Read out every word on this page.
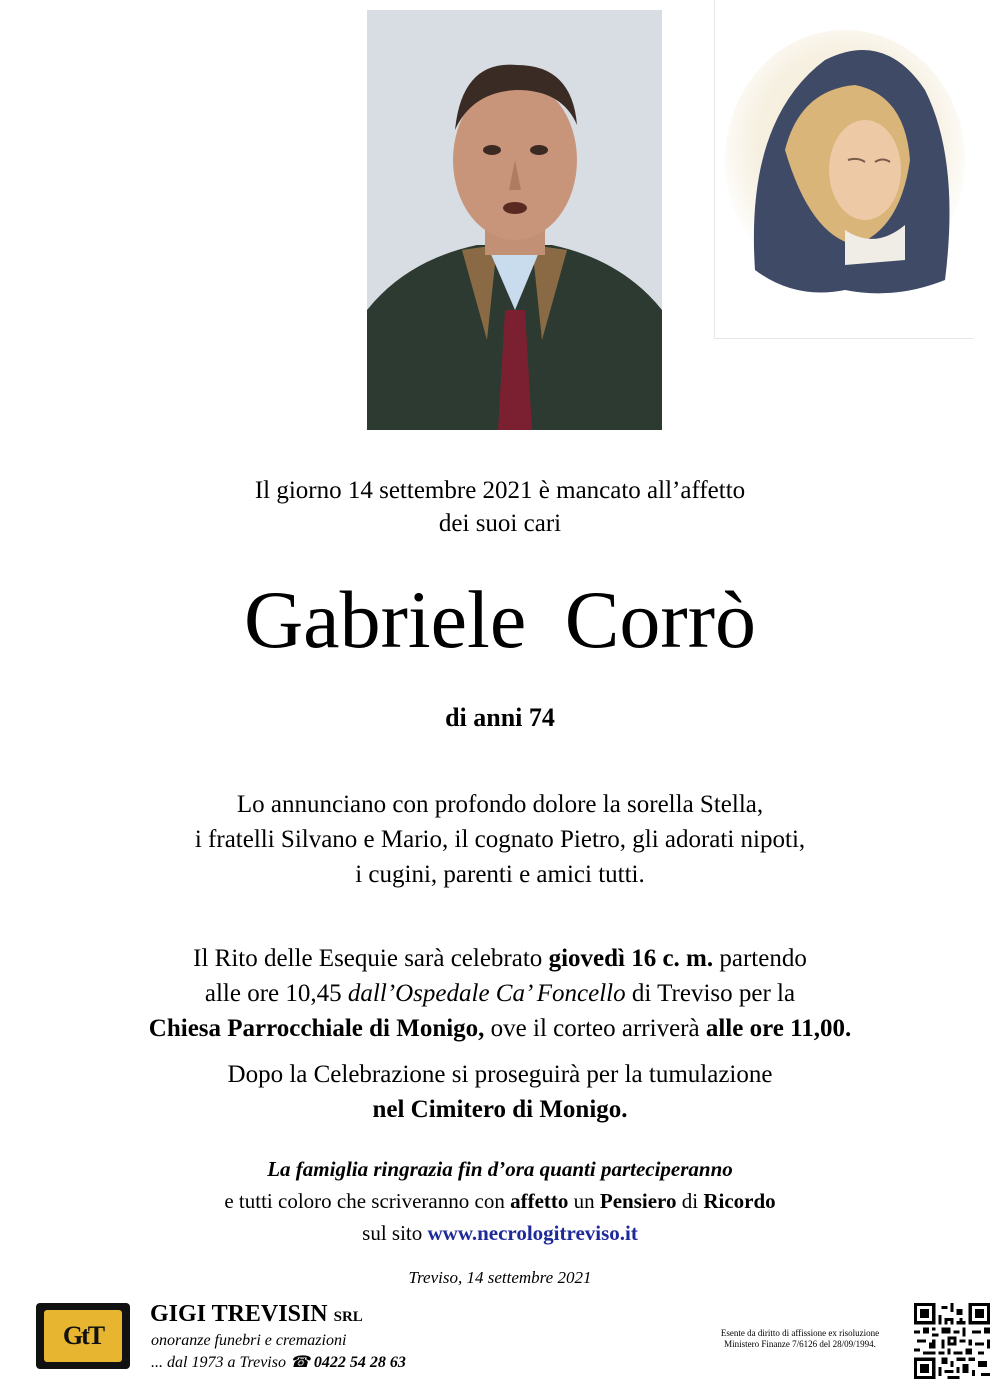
Il giorno 14 settembre 2021 è mancato all’affetto
dei suoi cari
Gabriele Corrò
di anni 74
Lo annunciano con profondo dolore la sorella Stella,
i fratelli Silvano e Mario, il cognato Pietro, gli adorati nipoti,
i cugini, parenti e amici tutti.
Il Rito delle Esequie sarà celebrato giovedì 16 c. m. partendo
alle ore 10,45 dall’Ospedale Ca’ Foncello di Treviso per la
Chiesa Parrocchiale di Monigo, ove il corteo arriverà alle ore 11,00.
Dopo la Celebrazione si proseguirà per la tumulazione
nel Cimitero di Monigo.
La famiglia ringrazia fin d’ora quanti parteciperanno
e tutti coloro che scriveranno con affetto un Pensiero di Ricordo
sul sito www.necrologitreviso.it
Treviso, 14 settembre 2021
GtT
GIGI TREVISIN SRL
onoranze funebri e cremazioni
... dal 1973 a Treviso ☎ 0422 54 28 63
Esente da diritto di affissione ex risoluzione
Ministero Finanze 7/6126 del 28/09/1994.
